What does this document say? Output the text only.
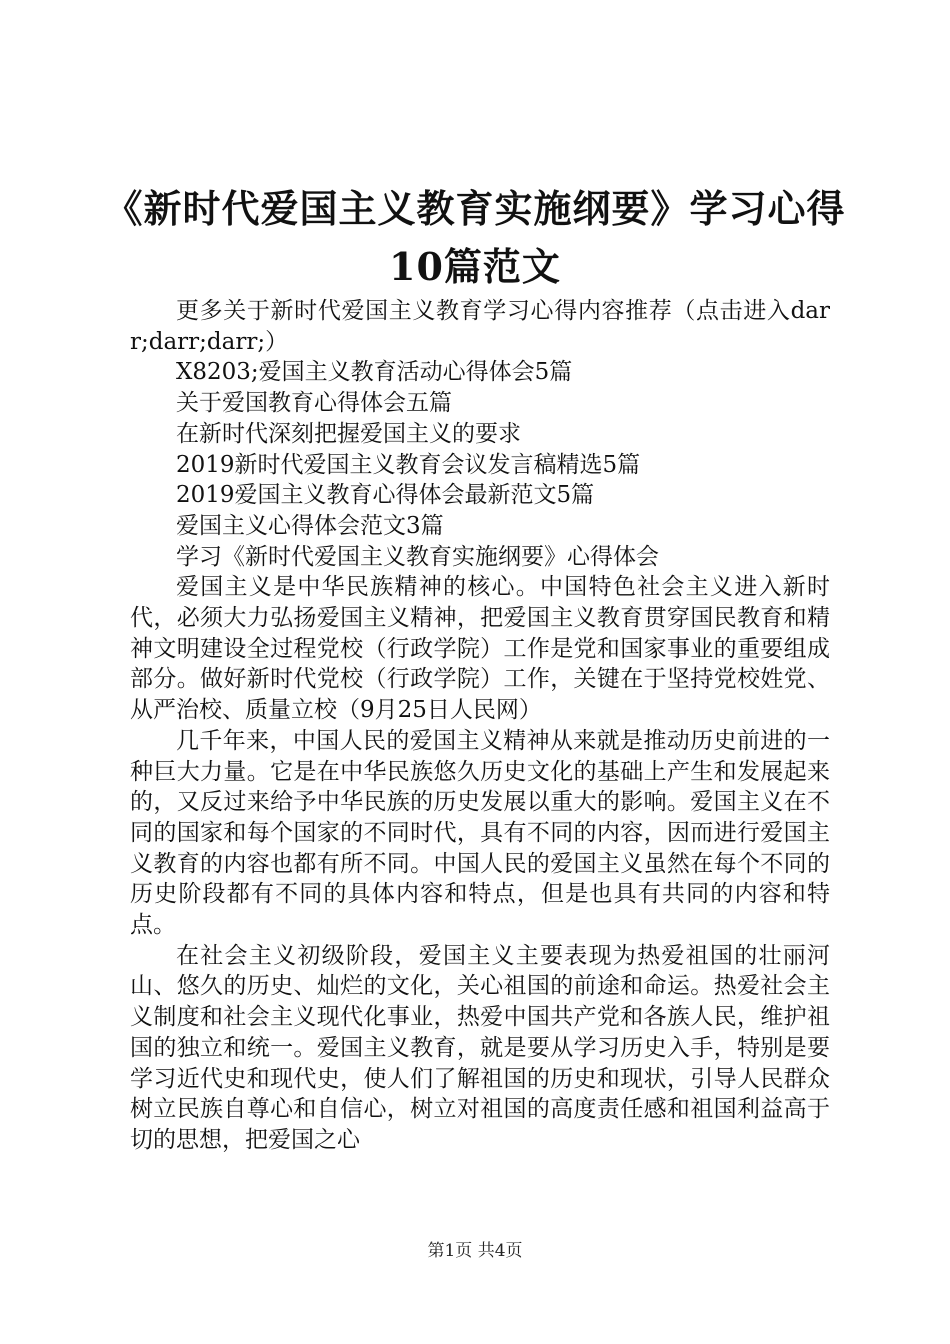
《新时代爱国主义教育实施纲要》学习心得
10篇范文

更多关于新时代爱国主义教育学习心得内容推荐（点击进入darr;darr;darr;）

X8203;爱国主义教育活动心得体会5篇

关于爱国教育心得体会五篇

在新时代深刻把握爱国主义的要求

2019新时代爱国主义教育会议发言稿精选5篇

2019爱国主义教育心得体会最新范文5篇

爱国主义心得体会范文3篇

学习《新时代爱国主义教育实施纲要》心得体会

爱国主义是中华民族精神的核心。中国特色社会主义进入新时代，必须大力弘扬爱国主义精神，把爱国主义教育贯穿国民教育和精神文明建设全过程党校（行政学院）工作是党和国家事业的重要组成部分。做好新时代党校（行政学院）工作，关键在于坚持党校姓党、从严治校、质量立校（9月25日人民网）

几千年来，中国人民的爱国主义精神从来就是推动历史前进的一种巨大力量。它是在中华民族悠久历史文化的基础上产生和发展起来的，又反过来给予中华民族的历史发展以重大的影响。爱国主义在不同的国家和每个国家的不同时代，具有不同的内容，因而进行爱国主义教育的内容也都有所不同。中国人民的爱国主义虽然在每个不同的历史阶段都有不同的具体内容和特点，但是也具有共同的内容和特点。

在社会主义初级阶段，爱国主义主要表现为热爱祖国的壮丽河山、悠久的历史、灿烂的文化，关心祖国的前途和命运。热爱社会主义制度和社会主义现代化事业，热爱中国共产党和各族人民，维护祖国的独立和统一。爱国主义教育，就是要从学习历史入手，特别是要学习近代史和现代史，使人们了解祖国的历史和现状，引导人民群众树立民族自尊心和自信心，树立对祖国的高度责任感和祖国利益高于切的思想，把爱国之心

第1页 共4页
